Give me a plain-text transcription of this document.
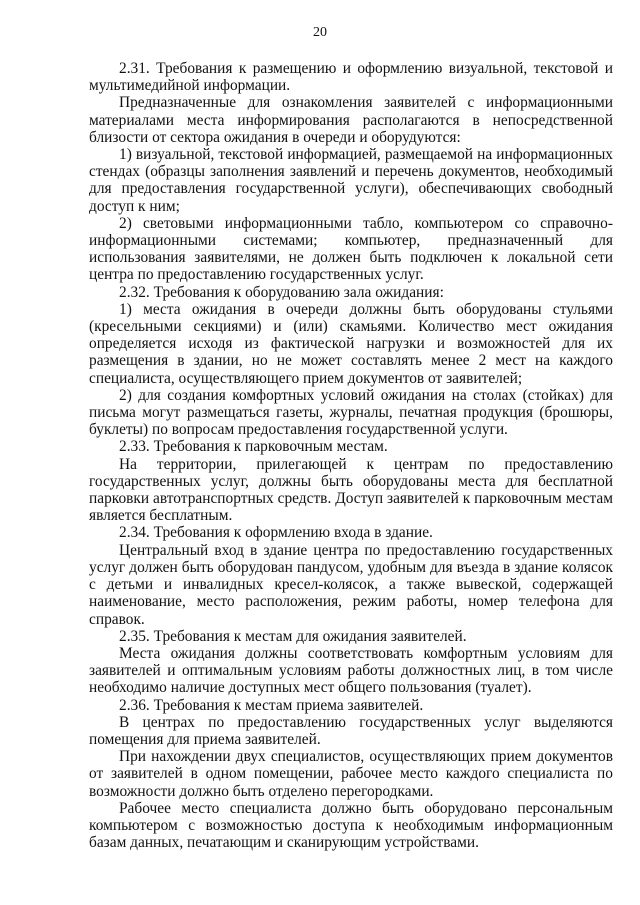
20

2.31. Требования к размещению и оформлению визуальной, текстовой и мультимедийной информации.

Предназначенные для ознакомления заявителей с информационными материалами места информирования располагаются в непосредственной близости от сектора ожидания в очереди и оборудуются:

1) визуальной, текстовой информацией, размещаемой на информационных стендах (образцы заполнения заявлений и перечень документов, необходимый для предоставления государственной услуги), обеспечивающих свободный доступ к ним;

2) световыми информационными табло, компьютером со справочно-информационными системами; компьютер, предназначенный для использования заявителями, не должен быть подключен к локальной сети центра по предоставлению государственных услуг.

2.32. Требования к оборудованию зала ожидания:

1) места ожидания в очереди должны быть оборудованы стульями (кресельными секциями) и (или) скамьями. Количество мест ожидания определяется исходя из фактической нагрузки и возможностей для их размещения в здании, но не может составлять менее 2 мест на каждого специалиста, осуществляющего прием документов от заявителей;

2) для создания комфортных условий ожидания на столах (стойках) для письма могут размещаться газеты, журналы, печатная продукция (брошюры, буклеты) по вопросам предоставления государственной услуги.

2.33. Требования к парковочным местам.

На территории, прилегающей к центрам по предоставлению государственных услуг, должны быть оборудованы места для бесплатной парковки автотранспортных средств. Доступ заявителей к парковочным местам является бесплатным.

2.34. Требования к оформлению входа в здание.

Центральный вход в здание центра по предоставлению государственных услуг должен быть оборудован пандусом, удобным для въезда в здание колясок с детьми и инвалидных кресел-колясок, а также вывеской, содержащей наименование, место расположения, режим работы, номер телефона для справок.

2.35. Требования к местам для ожидания заявителей.

Места ожидания должны соответствовать комфортным условиям для заявителей и оптимальным условиям работы должностных лиц, в том числе необходимо наличие доступных мест общего пользования (туалет).

2.36. Требования к местам приема заявителей.

В центрах по предоставлению государственных услуг выделяются помещения для приема заявителей.

При нахождении двух специалистов, осуществляющих прием документов от заявителей в одном помещении, рабочее место каждого специалиста по возможности должно быть отделено перегородками.

Рабочее место специалиста должно быть оборудовано персональным компьютером с возможностью доступа к необходимым информационным базам данных, печатающим и сканирующим устройствами.
